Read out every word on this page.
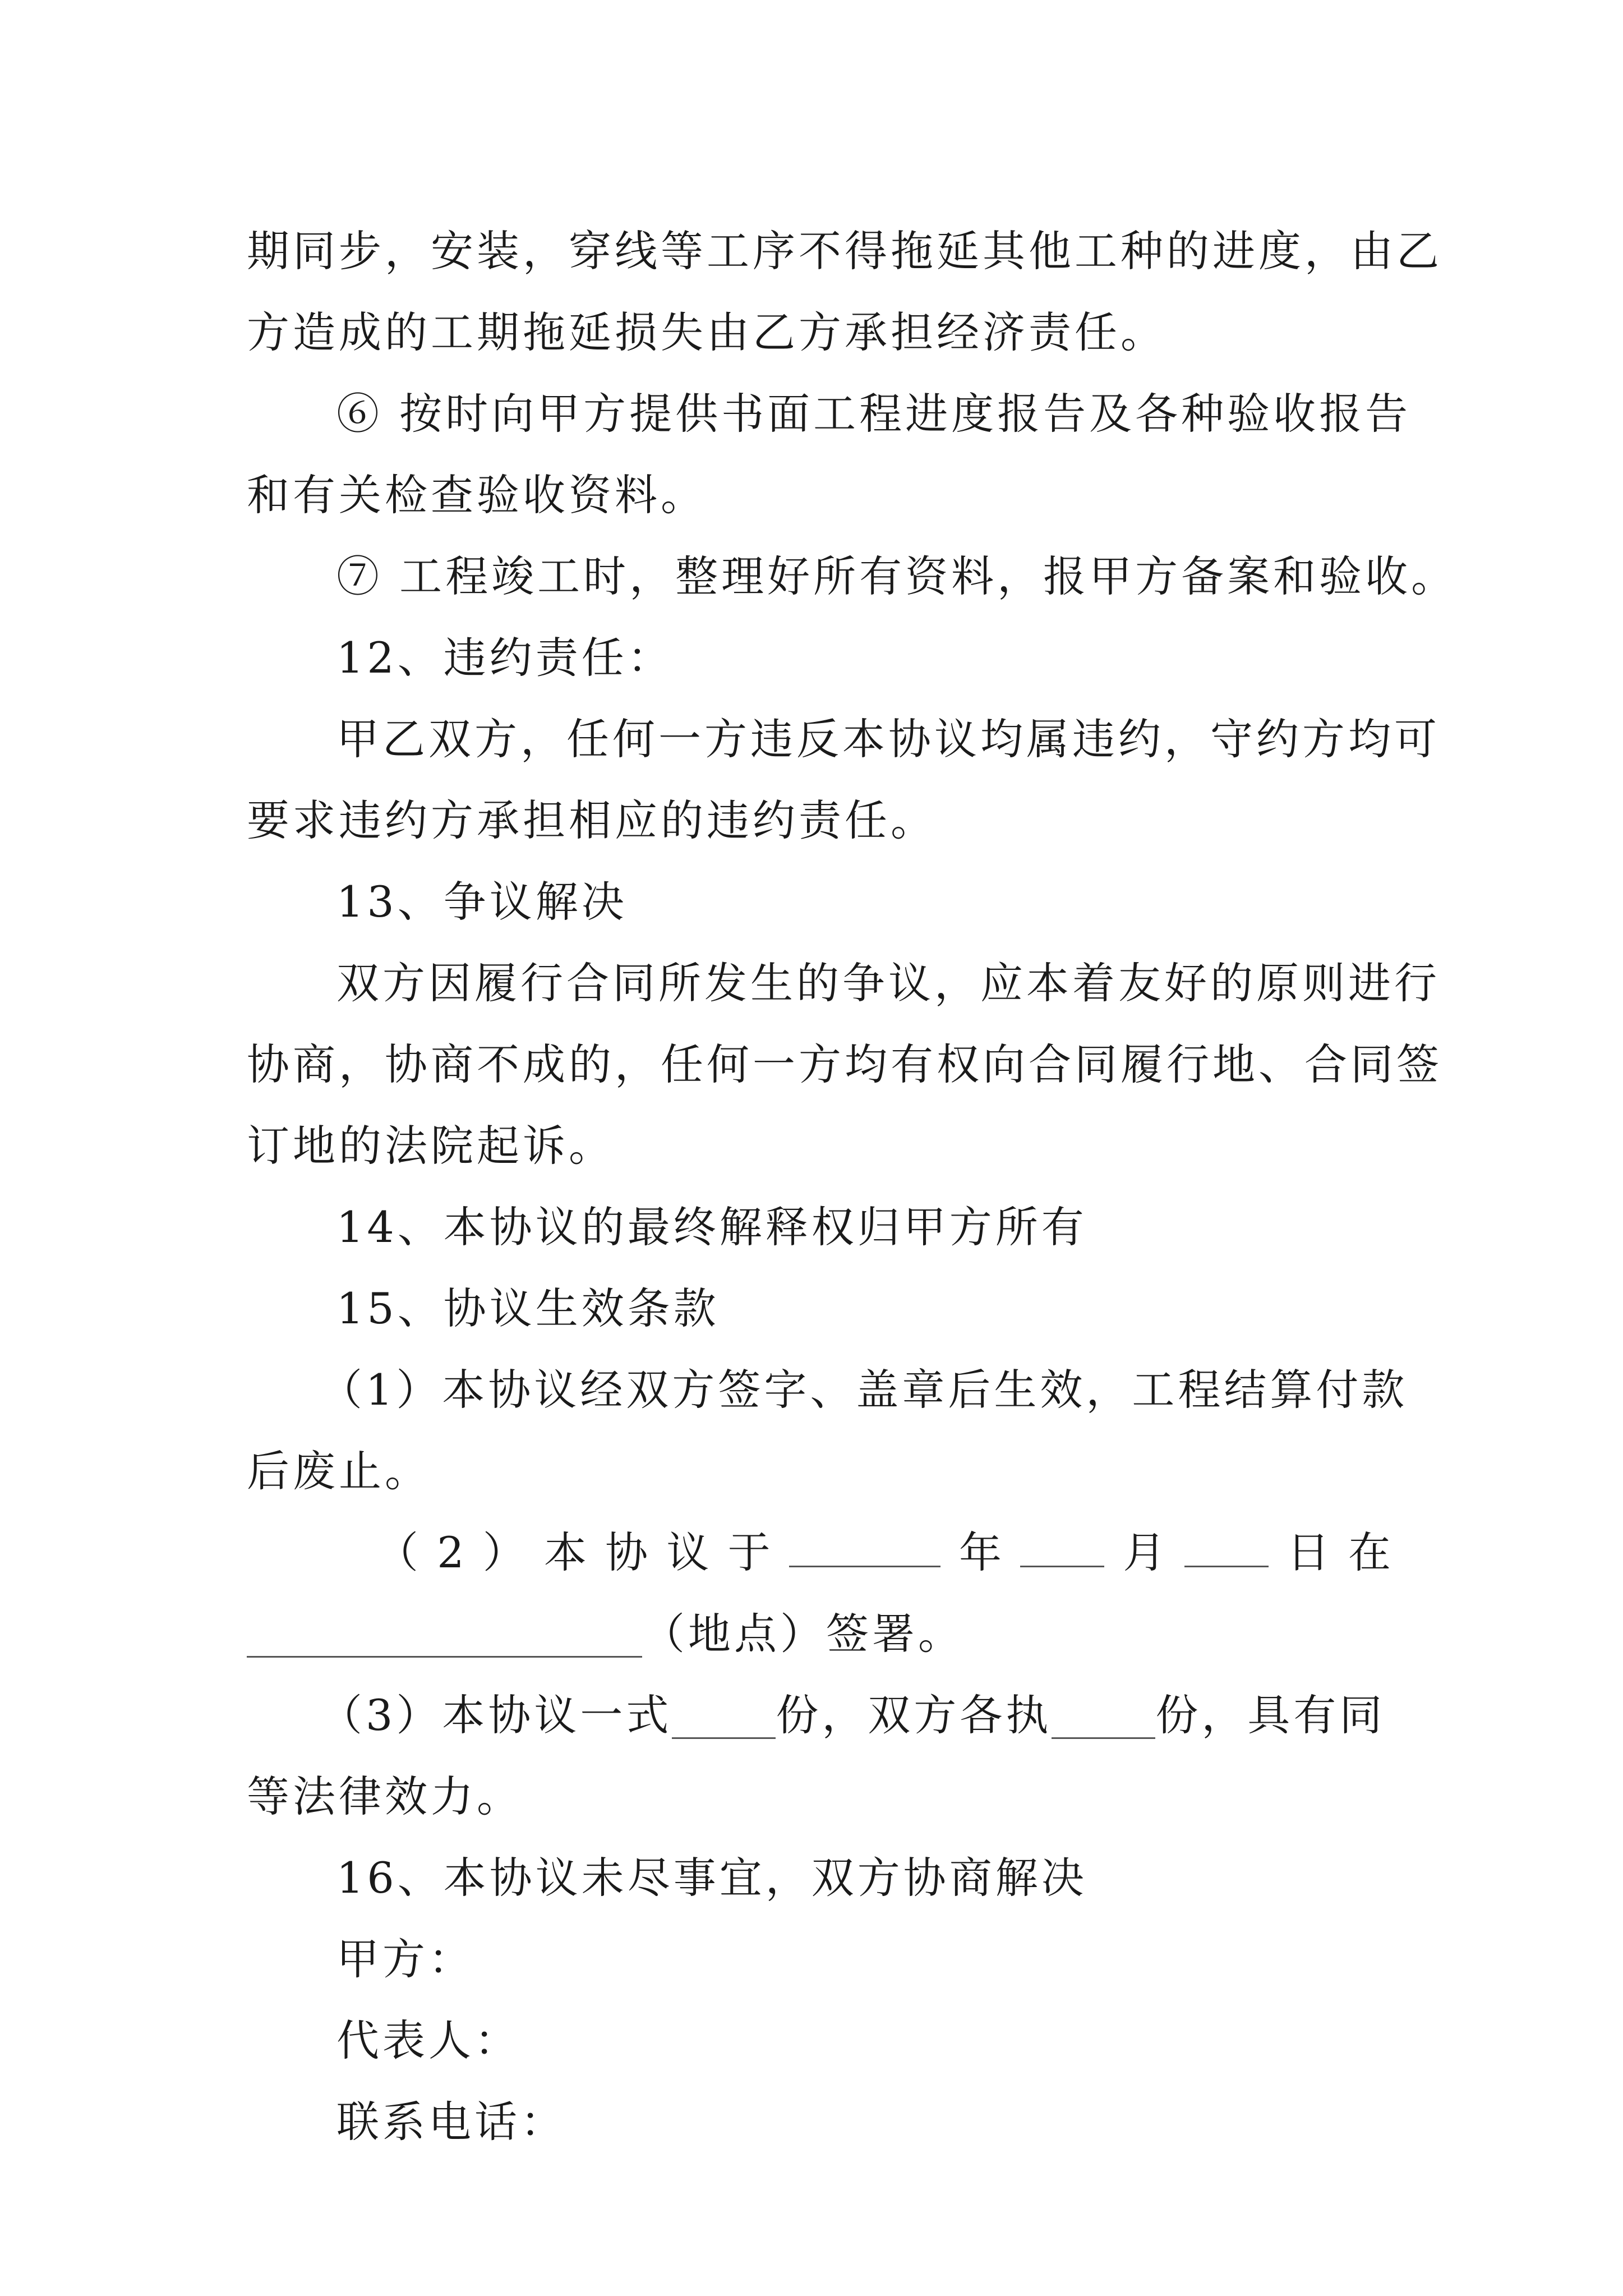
期同步，安装，穿线等工序不得拖延其他工种的进度，由乙
方造成的工期拖延损失由乙方承担经济责任。
⑥ 按时向甲方提供书面工程进度报告及各种验收报告
和有关检查验收资料。
⑦ 工程竣工时，整理好所有资料，报甲方备案和验收。
12、违约责任：
甲乙双方，任何一方违反本协议均属违约，守约方均可
要求违约方承担相应的违约责任。
13、争议解决
双方因履行合同所发生的争议，应本着友好的原则进行
协商，协商不成的，任何一方均有权向合同履行地、合同签
订地的法院起诉。
14、本协议的最终解释权归甲方所有
15、协议生效条款
（1）本协议经双方签字、盖章后生效，工程结算付款
后废止。
（ 2 ） 本 协 议 于	年	月	日 在
（地点）签署。
（3）本协议一式 份，双方各执 份，具有同
等法律效力。
16、本协议未尽事宜，双方协商解决
甲方：
代表人：
联系电话：
